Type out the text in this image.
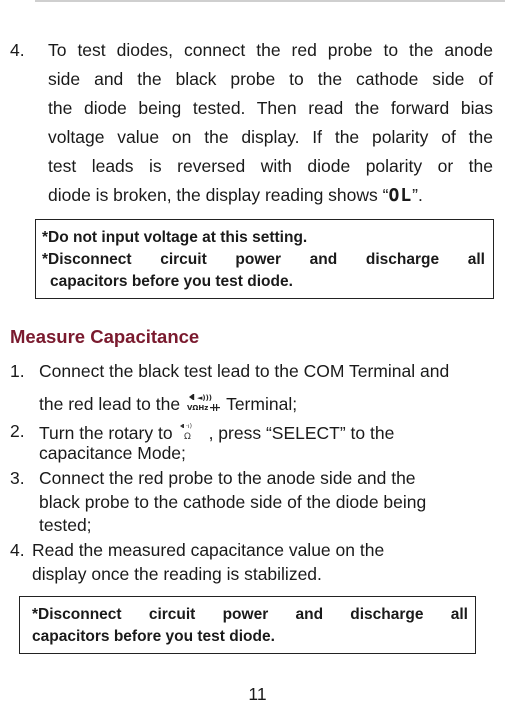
4. To test diodes, connect the red probe to the anode
side and the black probe to the cathode side of
the diode being tested. Then read the forward bias
voltage value on the display. If the polarity of the
test leads is reversed with diode polarity or the
diode is broken, the display reading shows “OL”.
*Do not input voltage at this setting.
*Disconnect circuit power and discharge all
capacitors before you test diode.
Measure Capacitance
1. Connect the black test lead to the COM Terminal and
the red lead to the ◄)))
VΩHz Terminal;
2. Turn the rotary to ·ı)
Ω , press “SELECT” to the
capacitance Mode;
3. Connect the red probe to the anode side and the
black probe to the cathode side of the diode being
tested;
4. Read the measured capacitance value on the
display once the reading is stabilized.
*Disconnect circuit power and discharge all
capacitors before you test diode.
11
